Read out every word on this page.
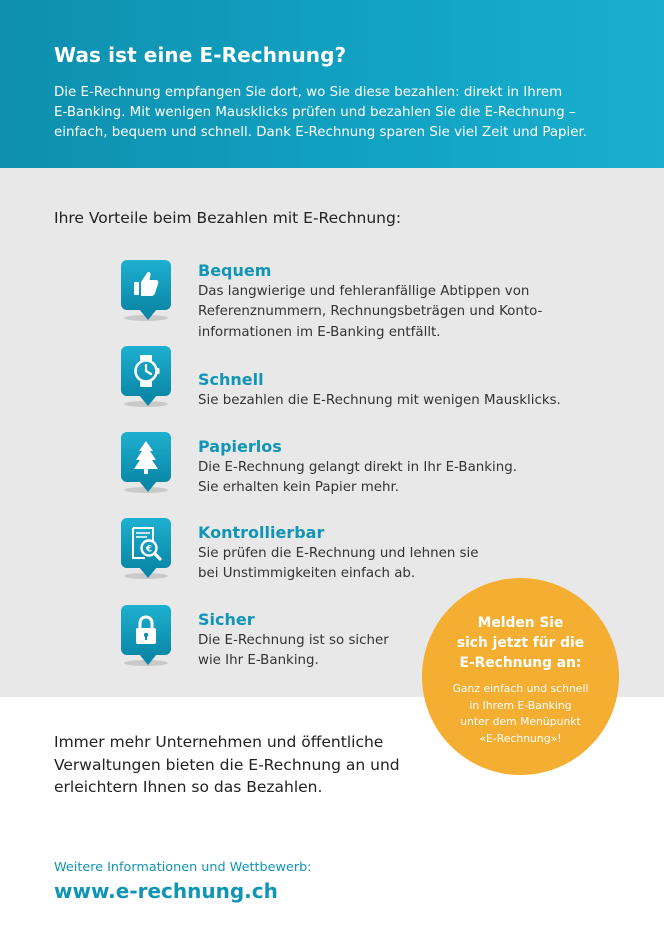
Was ist eine E-Rechnung?

Die E-Rechnung empfangen Sie dort, wo Sie diese bezahlen: direkt in Ihrem
E-Banking. Mit wenigen Mausklicks prüfen und bezahlen Sie die E-Rechnung –
einfach, bequem und schnell. Dank E-Rechnung sparen Sie viel Zeit und Papier.

Ihre Vorteile beim Bezahlen mit E-Rechnung:
Bequem
Das langwierige und fehleranfällige Abtippen von
Referenznummern, Rechnungsbeträgen und Konto-
informationen im E-Banking entfällt.
Schnell
Sie bezahlen die E-Rechnung mit wenigen Mausklicks.
Papierlos
Die E-Rechnung gelangt direkt in Ihr E-Banking.
Sie erhalten kein Papier mehr.
€
Kontrollierbar
Sie prüfen die E-Rechnung und lehnen sie
bei Unstimmigkeiten einfach ab.
Sicher
Die E-Rechnung ist so sicher
wie Ihr E-Banking.
Immer mehr Unternehmen und öffentliche
Verwaltungen bieten die E-Rechnung an und
erleichtern Ihnen so das Bezahlen.
Weitere Informationen und Wettbewerb:
www.e-rechnung.ch
Melden Sie
sich jetzt für die
E-Rechnung an:
Ganz einfach und schnell
in Ihrem E-Banking
unter dem Menüpunkt
«E-Rechnung»!
